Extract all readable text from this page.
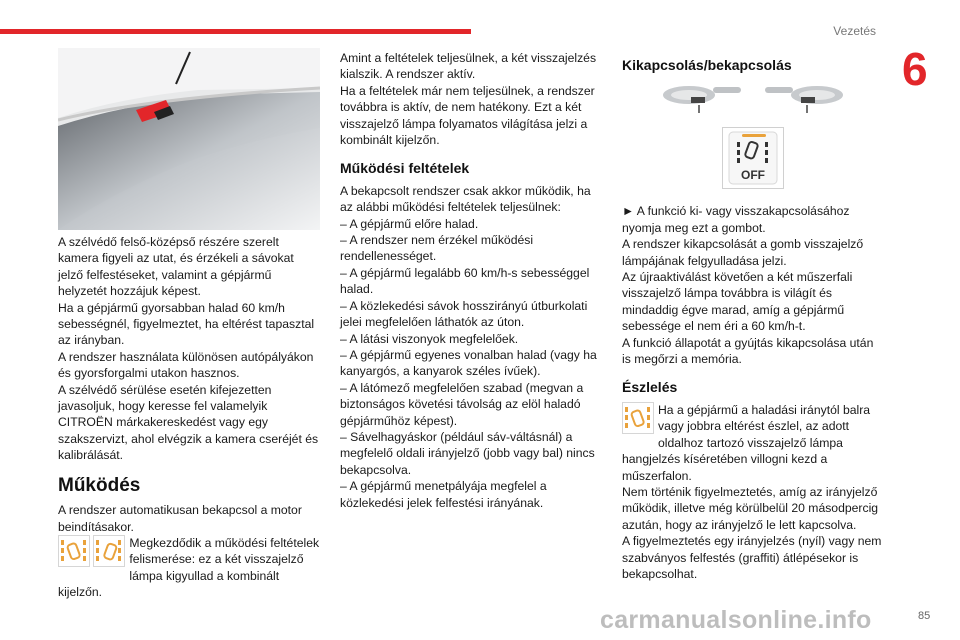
Vezetés
6

A szélvédő felső-középső részére szerelt kamera figyeli az utat, és érzékeli a sávokat jelző felfestéseket, valamint a gépjármű helyzetét hozzájuk képest.

Ha a gépjármű gyorsabban halad 60 km/h sebességnél, figyelmeztet, ha eltérést tapasztal az irányban.

A rendszer használata különösen autópályákon és gyorsforgalmi utakon hasznos.

A szélvédő sérülése esetén kifejezetten javasoljuk, hogy keresse fel valamelyik CITROËN márkakereskedést vagy egy szakszervizt, ahol elvégzik a kamera cseréjét és kalibrálását.

Működés

A rendszer automatikusan bekapcsol a motor beindításakor.

Megkezdődik a működési feltételek felismerése: ez a két visszajelző lámpa kigyullad a kombinált kijelzőn.

Amint a feltételek teljesülnek, a két visszajelzés kialszik. A rendszer aktív.

Ha a feltételek már nem teljesülnek, a rendszer továbbra is aktív, de nem hatékony. Ezt a két visszajelző lámpa folyamatos világítása jelzi a kombinált kijelzőn.

Működési feltételek

A bekapcsolt rendszer csak akkor működik, ha az alábbi működési feltételek teljesülnek:

– A gépjármű előre halad.

– A rendszer nem érzékel működési rendellenességet.

– A gépjármű legalább 60 km/h-s sebességgel halad.

– A közlekedési sávok hosszirányú útburkolati jelei megfelelően láthatók az úton.

– A látási viszonyok megfelelőek.

– A gépjármű egyenes vonalban halad (vagy ha kanyargós, a kanyarok széles ívűek).

– A látómező megfelelően szabad (megvan a biztonságos követési távolság az elöl haladó gépjárműhöz képest).

– Sávelhagyáskor (például sáv-váltásnál) a megfelelő oldali irányjelző (jobb vagy bal) nincs bekapcsolva.

– A gépjármű menetpályája megfelel a közlekedési jelek felfestési irányának.

Kikapcsolás/bekapcsolás
OFF

► A funkció ki- vagy visszakapcsolásához nyomja meg ezt a gombot.

A rendszer kikapcsolását a gomb visszajelző lámpájának felgyulladása jelzi.

Az újraaktiválást követően a két műszerfali visszajelző lámpa továbbra is világít és mindaddig égve marad, amíg a gépjármű sebessége el nem éri a 60 km/h-t.

A funkció állapotát a gyújtás kikapcsolása után is megőrzi a memória.

Észlelés

Ha a gépjármű a haladási iránytól balra vagy jobbra eltérést észlel, az adott oldalhoz tartozó visszajelző lámpa hangjelzés kíséretében villogni kezd a műszerfalon.

Nem történik figyelmeztetés, amíg az irányjelző működik, illetve még körülbelül 20 másodpercig azután, hogy az irányjelző le lett kapcsolva.

A figyelmeztetés egy irányjelzés (nyíl) vagy nem szabványos felfestés (graffiti) átlépésekor is bekapcsolhat.

carmanualsonline.info	85
